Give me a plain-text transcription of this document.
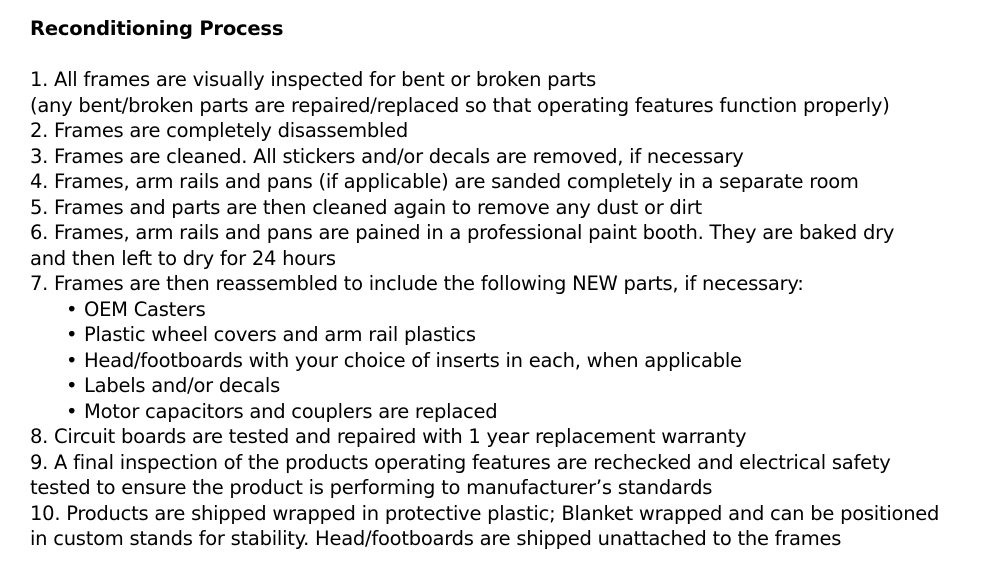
Reconditioning Process

1. All frames are visually inspected for bent or broken parts

(any bent/broken parts are repaired/replaced so that operating features function properly)

2. Frames are completely disassembled

3. Frames are cleaned. All stickers and/or decals are removed, if necessary

4. Frames, arm rails and pans (if applicable) are sanded completely in a separate room

5. Frames and parts are then cleaned again to remove any dust or dirt

6. Frames, arm rails and pans are pained in a professional paint booth. They are baked dry

and then left to dry for 24 hours

7. Frames are then reassembled to include the following NEW parts, if necessary:

• OEM Casters
• Plastic wheel covers and arm rail plastics
• Head/footboards with your choice of inserts in each, when applicable
• Labels and/or decals
• Motor capacitors and couplers are replaced

8. Circuit boards are tested and repaired with 1 year replacement warranty

9. A final inspection of the products operating features are rechecked and electrical safety

tested to ensure the product is performing to manufacturer’s standards

10. Products are shipped wrapped in protective plastic; Blanket wrapped and can be positioned

in custom stands for stability. Head/footboards are shipped unattached to the frames
